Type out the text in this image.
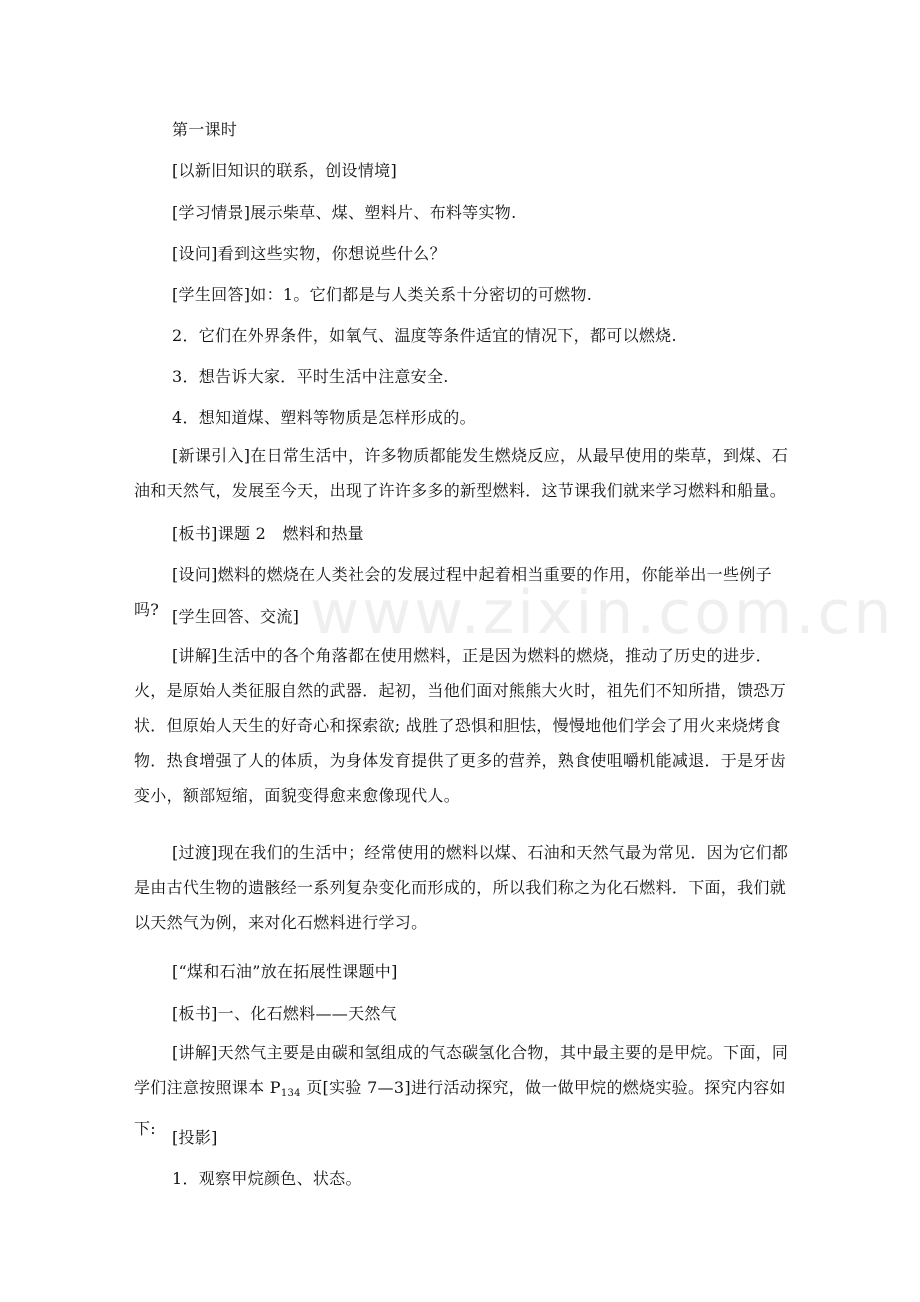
www.zixin.com.cn

第一课时

[以新旧知识的联系，创设情境]

[学习情景]展示柴草、煤、塑料片、布料等实物.

[设问]看到这些实物，你想说些什么？

[学生回答]如：1。它们都是与人类关系十分密切的可燃物.

2．它们在外界条件，如氧气、温度等条件适宜的情况下，都可以燃烧.

3．想告诉大家．平时生活中注意安全.

4．想知道煤、塑料等物质是怎样形成的。

[新课引入]在日常生活中，许多物质都能发生燃烧反应，从最早使用的柴草，到煤、石油和天然气，发展至今天，出现了许许多多的新型燃料．这节课我们就来学习燃料和船量。

[板书]课题 2　燃料和热量

[设问]燃料的燃烧在人类社会的发展过程中起着相当重要的作用，你能举出一些例子吗? [学生回答、交流]

[讲解]生活中的各个角落都在使用燃料，正是因为燃料的燃烧，推动了历史的进步．火，是原始人类征服自然的武器．起初，当他们面对熊熊大火时，祖先们不知所措，馈恐万状．但原始人天生的好奇心和探索欲; 战胜了恐惧和胆怯，慢慢地他们学会了用火来烧烤食物．热食增强了人的体质，为身体发育提供了更多的营养，熟食使咀嚼机能减退．于是牙齿变小，额部短缩，面貌变得愈来愈像现代人。

[过渡]现在我们的生活中；经常使用的燃料以煤、石油和天然气最为常见．因为它们都是由古代生物的遗骸经一系列复杂变化而形成的，所以我们称之为化石燃料．下面，我们就以天然气为例，来对化石燃料进行学习。

[“煤和石油”放在拓展性课题中]

[板书]一、化石燃料——天然气

[讲解]天然气主要是由碳和氢组成的气态碳氢化合物，其中最主要的是甲烷。下面，同学们注意按照课本 $P_{134}$ 页[实验 7—3]进行活动探究，做一做甲烷的燃烧实验。探究内容如下:	[投影]

1．观察甲烷颜色、状态。
